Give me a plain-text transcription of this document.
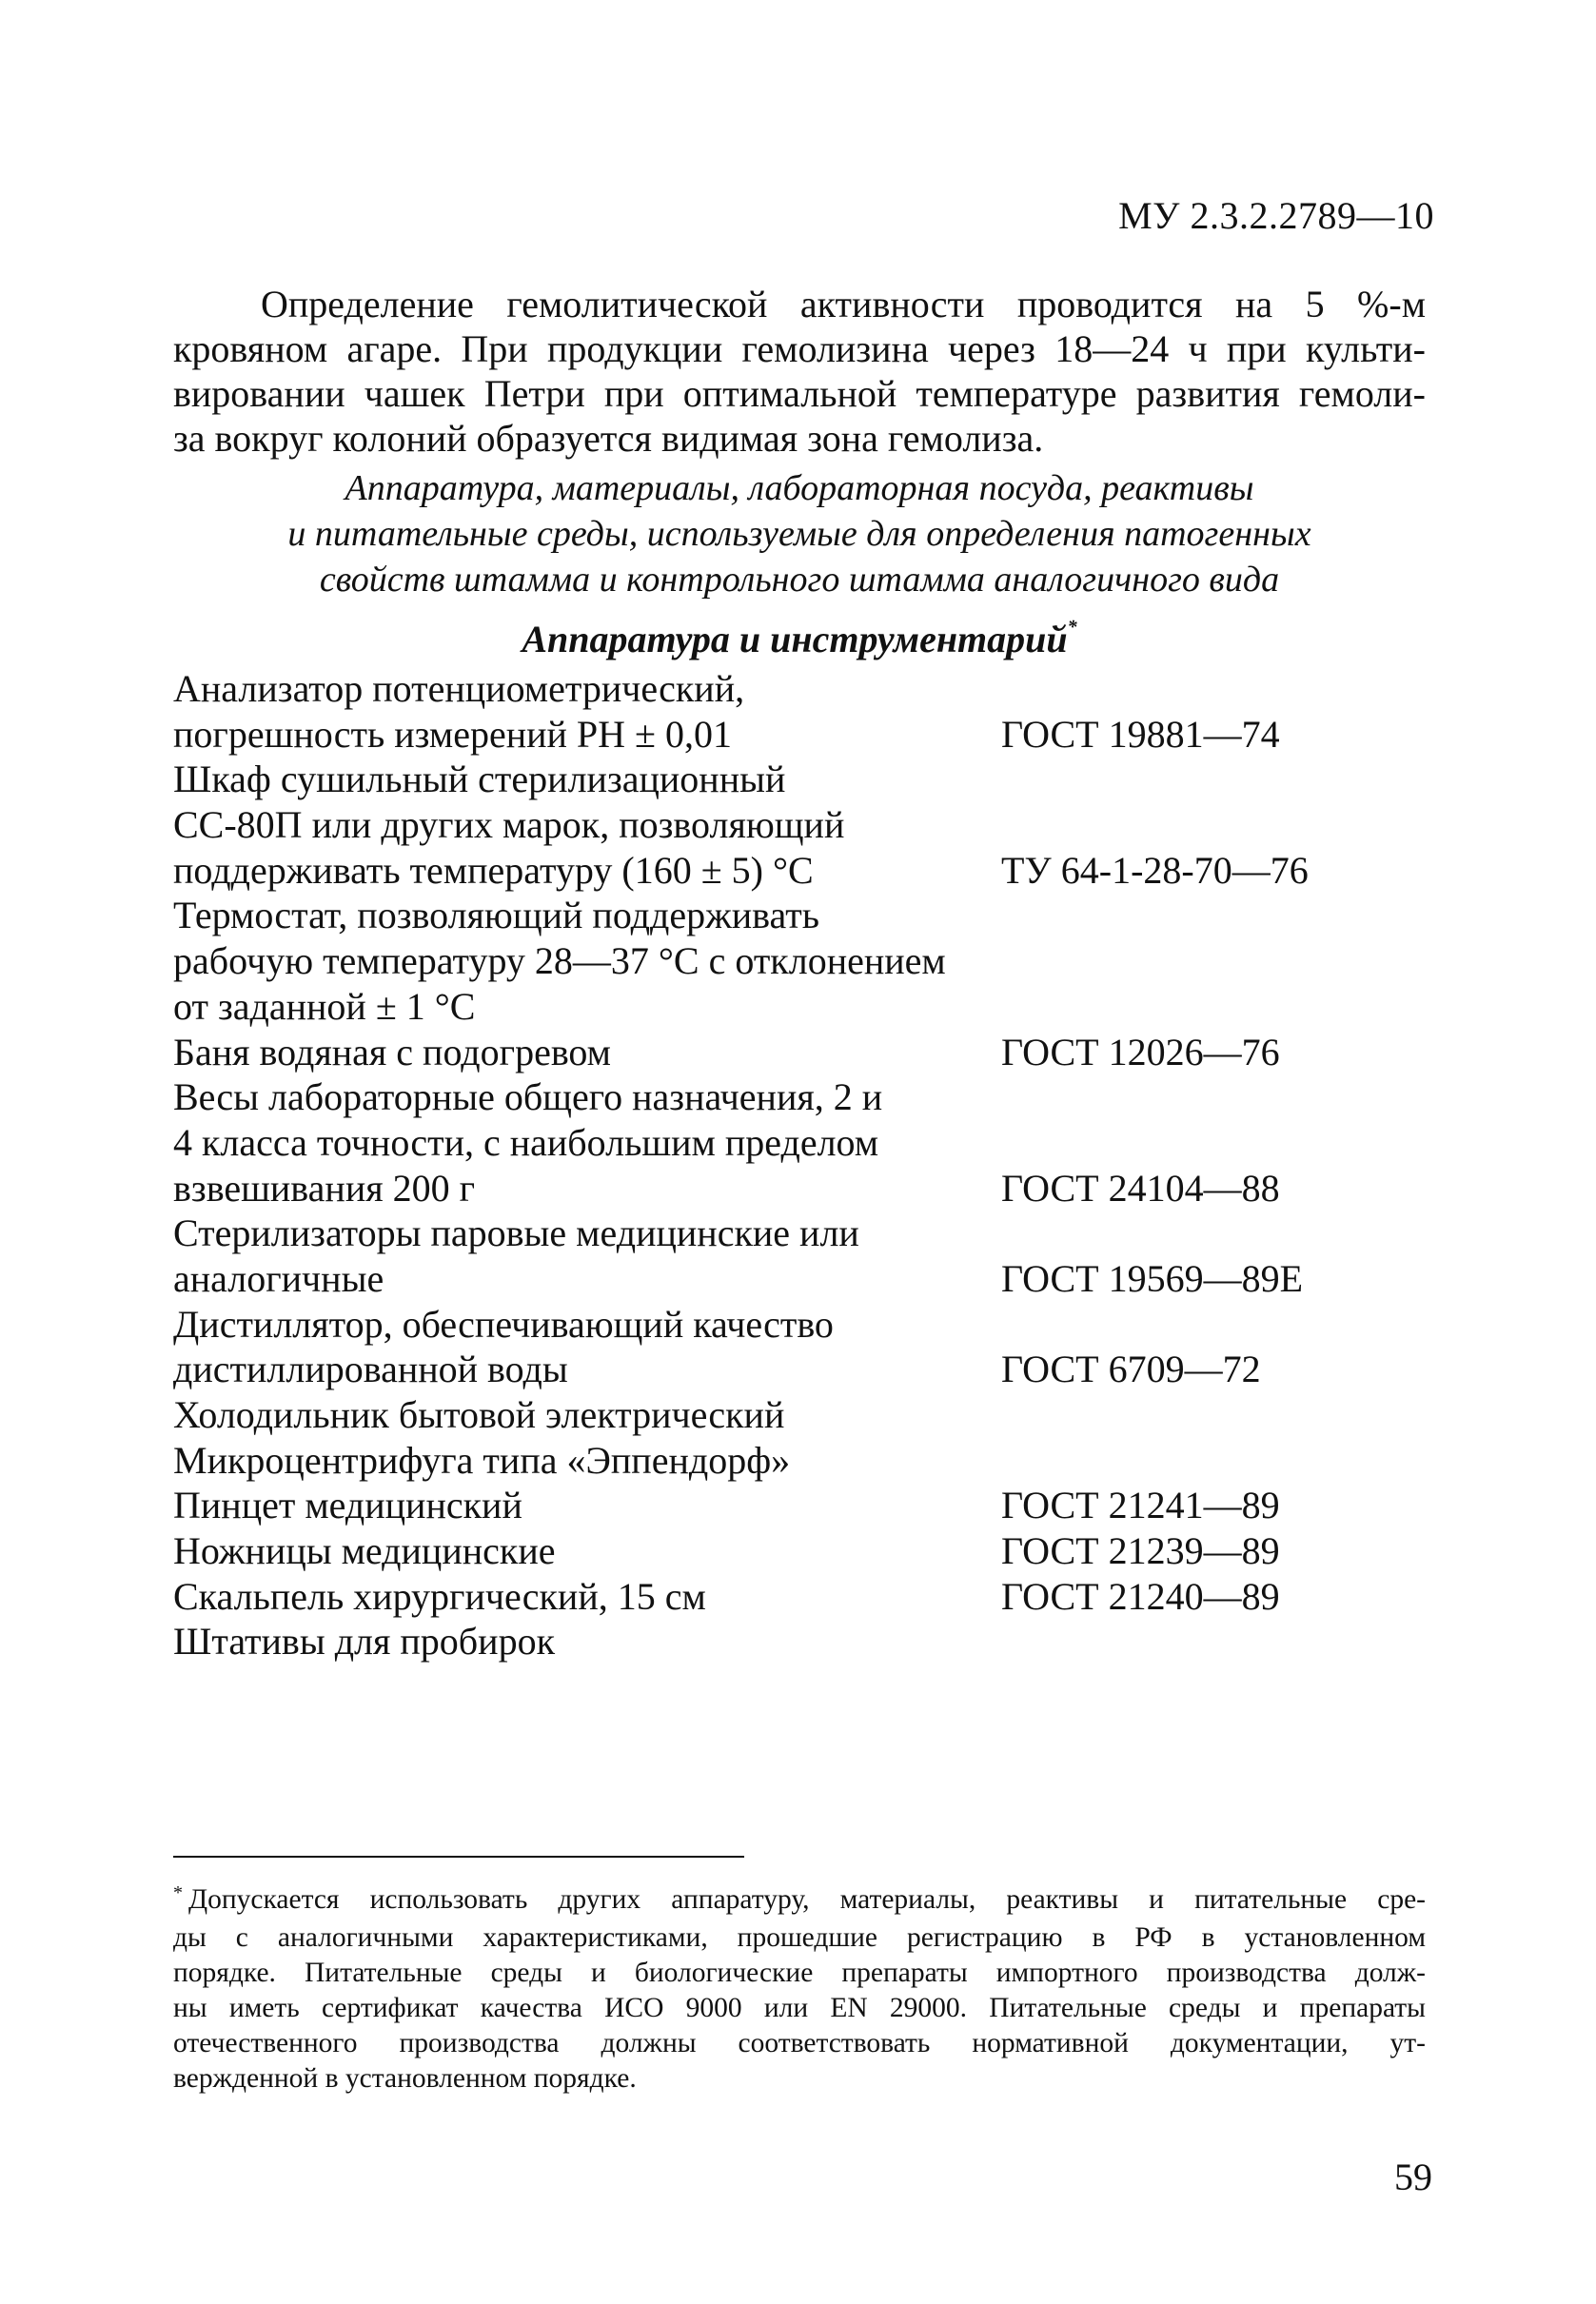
МУ 2.3.2.2789—10
Определение гемолитической активности проводится на 5 %-м
кровяном агаре. При продукции гемолизина через 18—24 ч при культи-
вировании чашек Петри при оптимальной температуре развития гемоли-
за вокруг колоний образуется видимая зона гемолиза.
Аппаратура, материалы, лабораторная посуда, реактивы
и питательные среды, используемые для определения патогенных
свойств штамма и контрольного штамма аналогичного вида
Аппаратура и инструментарий*
Анализатор потенциометрический,
погрешность измерений РН ± 0,01	ГОСТ 19881—74
Шкаф сушильный стерилизационный
СС-80П или других марок, позволяющий
поддерживать температуру (160 ± 5) °С	ТУ 64-1-28-70—76
Термостат, позволяющий поддерживать
рабочую температуру 28—37 °С с отклонением
от заданной ± 1 °С
Баня водяная с подогревом	ГОСТ 12026—76
Весы лабораторные общего назначения, 2 и
4 класса точности, с наибольшим пределом
взвешивания 200 г	ГОСТ 24104—88
Стерилизаторы паровые медицинские или
аналогичные	ГОСТ 19569—89Е
Дистиллятор, обеспечивающий качество
дистиллированной воды	ГОСТ 6709—72
Холодильник бытовой электрический
Микроцентрифуга типа «Эппендорф»
Пинцет медицинский	ГОСТ 21241—89
Ножницы медицинские	ГОСТ 21239—89
Скальпель хирургический, 15 см	ГОСТ 21240—89
Штативы для пробирок
* Допускается использовать других аппаратуру, материалы, реактивы и питательные сре-
ды с аналогичными характеристиками, прошедшие регистрацию в РФ в установленном
порядке. Питательные среды и биологические препараты импортного производства долж-
ны иметь сертификат качества ИСО 9000 или EN 29000. Питательные среды и препараты
отечественного производства должны соответствовать нормативной документации, ут-
вержденной в установленном порядке.
59
